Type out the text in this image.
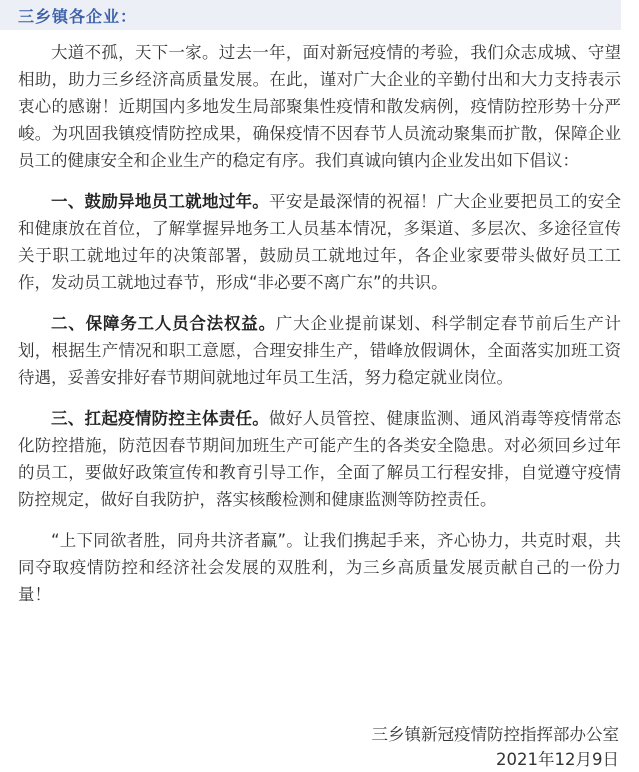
三乡镇各企业：

大道不孤，天下一家。过去一年，面对新冠疫情的考验，我们众志成城、守望相助，助力三乡经济高质量发展。在此，谨对广大企业的辛勤付出和大力支持表示衷心的感谢！近期国内多地发生局部聚集性疫情和散发病例，疫情防控形势十分严峻。为巩固我镇疫情防控成果，确保疫情不因春节人员流动聚集而扩散，保障企业员工的健康安全和企业生产的稳定有序。我们真诚向镇内企业发出如下倡议：

一、鼓励异地员工就地过年。平安是最深情的祝福！广大企业要把员工的安全和健康放在首位，了解掌握异地务工人员基本情况，多渠道、多层次、多途径宣传关于职工就地过年的决策部署，鼓励员工就地过年，各企业家要带头做好员工工作，发动员工就地过春节，形成“非必要不离广东”的共识。

二、保障务工人员合法权益。广大企业提前谋划、科学制定春节前后生产计划，根据生产情况和职工意愿，合理安排生产，错峰放假调休，全面落实加班工资待遇，妥善安排好春节期间就地过年员工生活，努力稳定就业岗位。

三、扛起疫情防控主体责任。做好人员管控、健康监测、通风消毒等疫情常态化防控措施，防范因春节期间加班生产可能产生的各类安全隐患。对必须回乡过年的员工，要做好政策宣传和教育引导工作，全面了解员工行程安排，自觉遵守疫情防控规定，做好自我防护，落实核酸检测和健康监测等防控责任。

“上下同欲者胜，同舟共济者赢”。让我们携起手来，齐心协力，共克时艰，共同夺取疫情防控和经济社会发展的双胜利，为三乡高质量发展贡献自己的一份力量！

三乡镇新冠疫情防控指挥部办公室
2021年12月9日
